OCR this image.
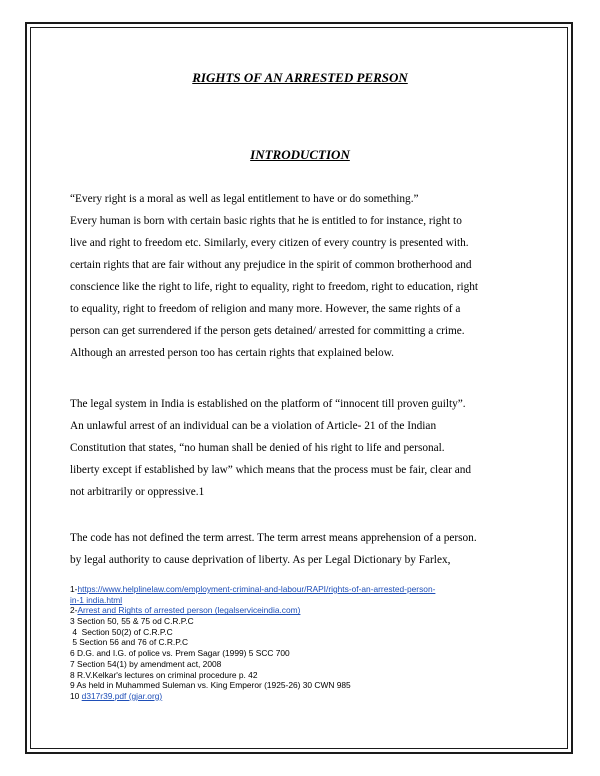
RIGHTS OF AN ARRESTED PERSON
INTRODUCTION
“Every right is a moral as well as legal entitlement to have or do something.”
Every human is born with certain basic rights that he is entitled to for instance, right to
live and right to freedom etc. Similarly, every citizen of every country is presented with.
certain rights that are fair without any prejudice in the spirit of common brotherhood and
conscience like the right to life, right to equality, right to freedom, right to education, right
to equality, right to freedom of religion and many more. However, the same rights of a
person can get surrendered if the person gets detained/ arrested for committing a crime.
Although an arrested person too has certain rights that explained below.
The legal system in India is established on the platform of “innocent till proven guilty”.
An unlawful arrest of an individual can be a violation of Article- 21 of the Indian
Constitution that states, “no human shall be denied of his right to life and personal.
liberty except if established by law” which means that the process must be fair, clear and
not arbitrarily or oppressive.1
The code has not defined the term arrest. The term arrest means apprehension of a person.
by legal authority to cause deprivation of liberty. As per Legal Dictionary by Farlex,
1-https://www.helplinelaw.com/employment-criminal-and-labour/RAPI/rights-of-an-arrested-person-
in-1 india.html
2-Arrest and Rights of arrested person (legalserviceindia.com)
3 Section 50, 55 & 75 od C.R.P.C
4  Section 50(2) of C.R.P.C
5 Section 56 and 76 of C.R.P.C
6 D.G. and I.G. of police vs. Prem Sagar (1999) 5 SCC 700
7 Section 54(1) by amendment act, 2008
8 R.V.Kelkar's lectures on criminal procedure p. 42
9 As held in Muhammed Suleman vs. King Emperor (1925-26) 30 CWN 985
10 d317r39.pdf (gjar.org)
